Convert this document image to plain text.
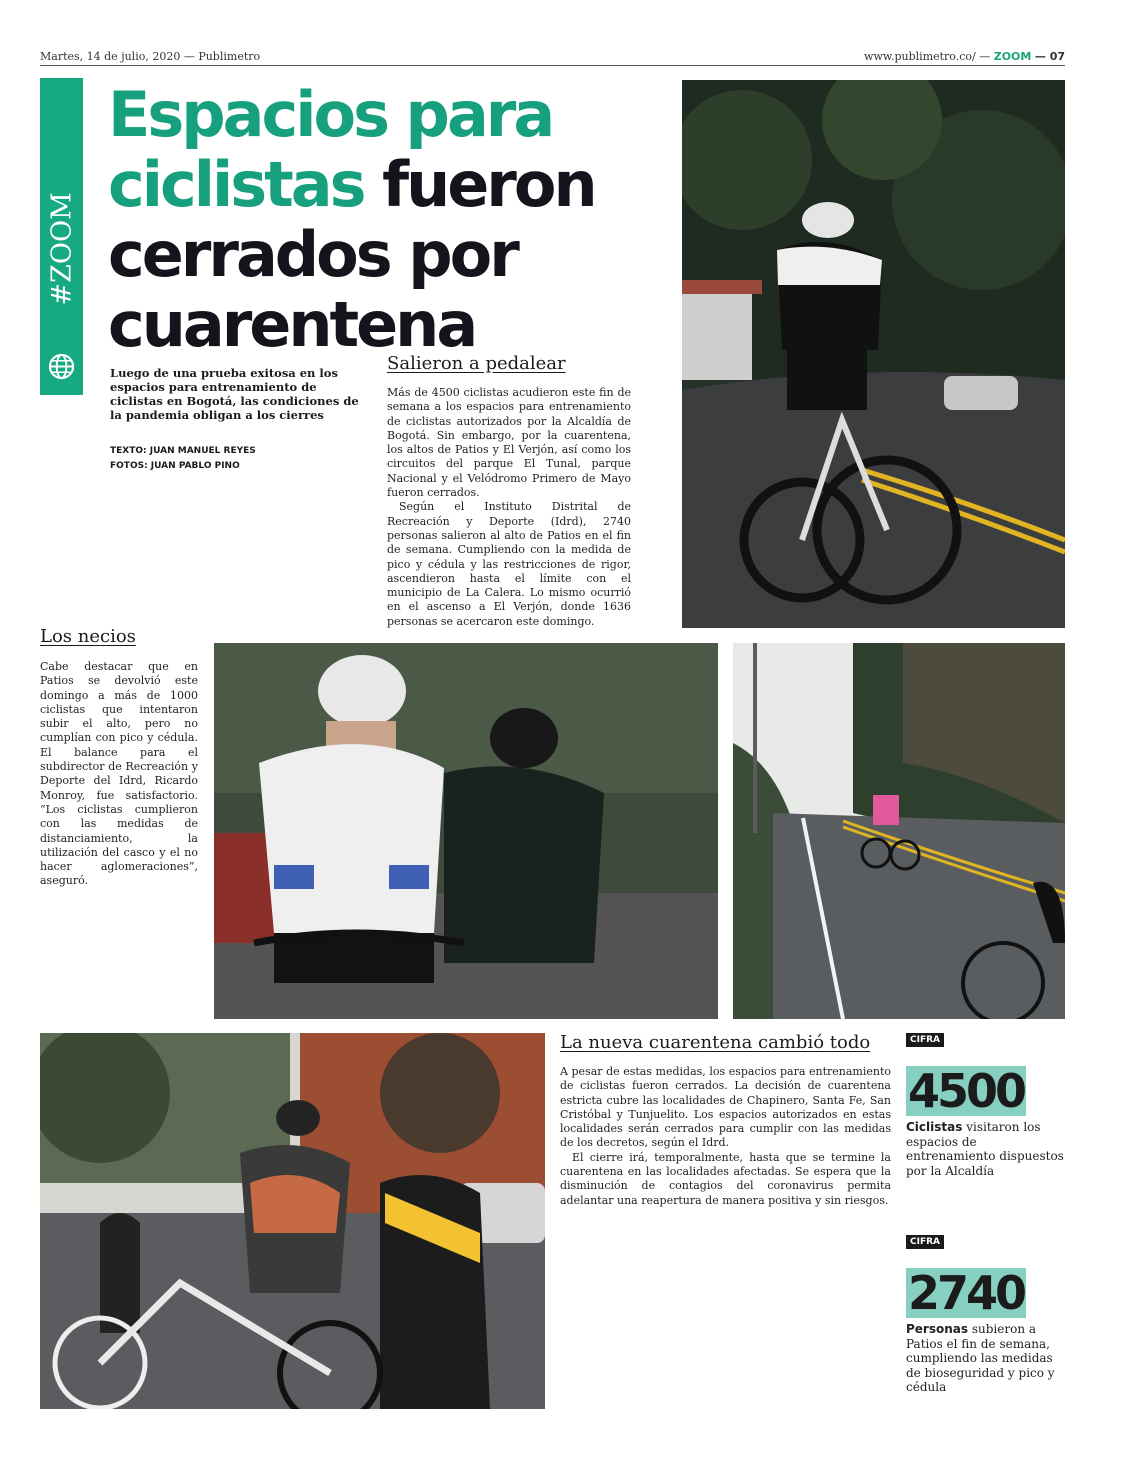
Martes, 14 de julio, 2020 — Publimetro	www.publimetro.co/ — ZOOM — 07
#ZOOM
Espacios para ciclistas fueron cerrados por cuarentena
Luego de una prueba exitosa en los espacios para entrenamiento de ciclistas en Bogotá, las condiciones de la pandemia obligan a los cierres
TEXTO: JUAN MANUEL REYES
FOTOS: JUAN PABLO PINO
Salieron a pedalear

Más de 4500 ciclistas acudieron este fin de semana a los espacios para entrenamiento de ciclistas autorizados por la Alcaldía de Bogotá. Sin embargo, por la cuarentena, los altos de Patios y El Verjón, así como los circuitos del parque El Tunal, parque Nacional y el Velódromo Primero de Mayo fueron cerrados.

Según el Instituto Distrital de Recreación y Deporte (Idrd), 2740 personas salieron al alto de Patios en el fin de semana. Cumpliendo con la medida de pico y cédula y las restricciones de rigor, ascendieron hasta el límite con el municipio de La Calera. Lo mismo ocurrió en el ascenso a El Verjón, donde 1636 personas se acercaron este domingo.

Los necios

Cabe destacar que en Patios se devolvió este domingo a más de 1000 ciclistas que intentaron subir el alto, pero no cumplían con pico y cédula. El balance para el subdirector de Recreación y Deporte del Idrd, Ricardo Monroy, fue satisfactorio. “Los ciclistas cumplieron con las medidas de distanciamiento, la utilización del casco y el no hacer aglomeraciones”, aseguró.

La nueva cuarentena cambió todo

A pesar de estas medidas, los espacios para entrenamiento de ciclistas fueron cerrados. La decisión de cuarentena estricta cubre las localidades de Chapinero, Santa Fe, San Cristóbal y Tunjuelito. Los espacios autorizados en estas localidades serán cerrados para cumplir con las medidas de los decretos, según el Idrd.

El cierre irá, temporalmente, hasta que se termine la cuarentena en las localidades afectadas. Se espera que la disminución de contagios del coronavirus permita adelantar una reapertura de manera positiva y sin riesgos.

CIFRA
4500
Ciclistas visitaron los espacios de entrenamiento dispuestos por la Alcaldía
CIFRA
2740
Personas subieron a Patios el fin de semana, cumpliendo las medidas de bioseguridad y pico y cédula
